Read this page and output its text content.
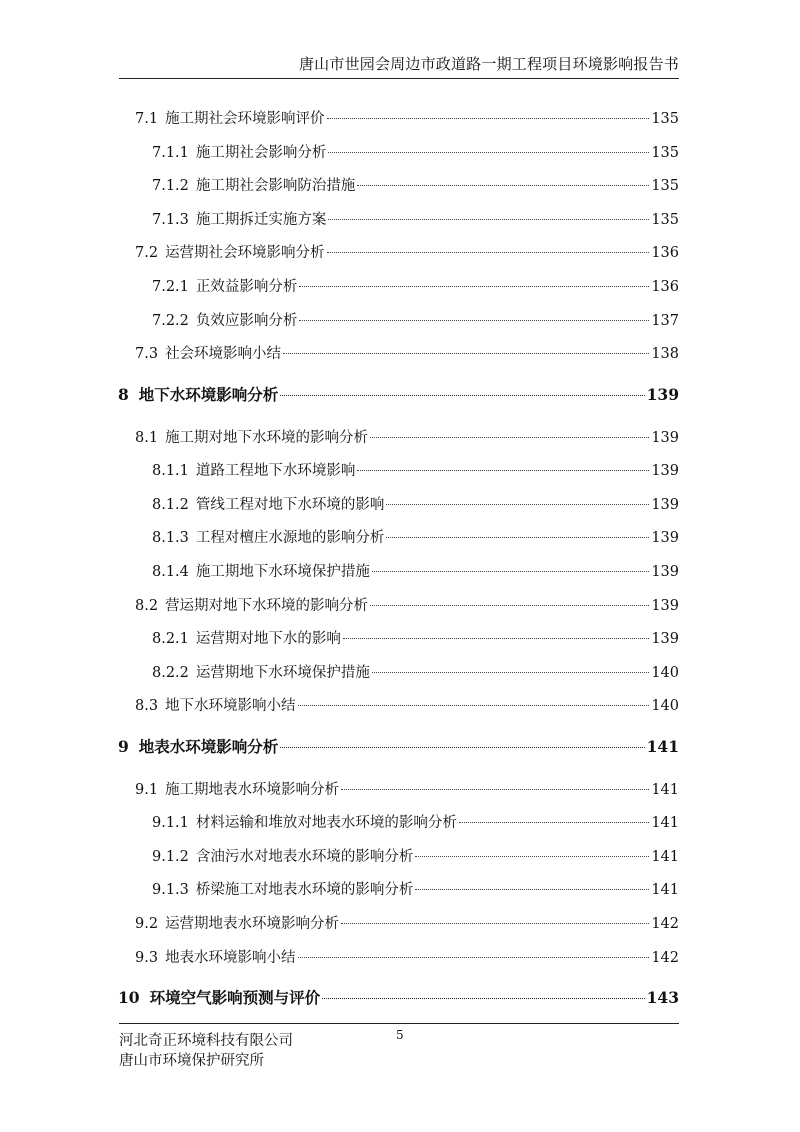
唐山市世园会周边市政道路一期工程项目环境影响报告书
7.1 施工期社会环境影响评价	135
7.1.1 施工期社会影响分析	135
7.1.2 施工期社会影响防治措施	135
7.1.3 施工期拆迁实施方案	135
7.2 运营期社会环境影响分析	136
7.2.1 正效益影响分析	136
7.2.2 负效应影响分析	137
7.3 社会环境影响小结	138
8 地下水环境影响分析	139
8.1 施工期对地下水环境的影响分析	139
8.1.1 道路工程地下水环境影响	139
8.1.2 管线工程对地下水环境的影响	139
8.1.3 工程对檀庄水源地的影响分析	139
8.1.4 施工期地下水环境保护措施	139
8.2 营运期对地下水环境的影响分析	139
8.2.1 运营期对地下水的影响	139
8.2.2 运营期地下水环境保护措施	140
8.3 地下水环境影响小结	140
9 地表水环境影响分析	141
9.1 施工期地表水环境影响分析	141
9.1.1 材料运输和堆放对地表水环境的影响分析	141
9.1.2 含油污水对地表水环境的影响分析	141
9.1.3 桥梁施工对地表水环境的影响分析	141
9.2 运营期地表水环境影响分析	142
9.3 地表水环境影响小结	142
10 环境空气影响预测与评价	143
河北奇正环境科技有限公司
唐山市环境保护研究所
5
